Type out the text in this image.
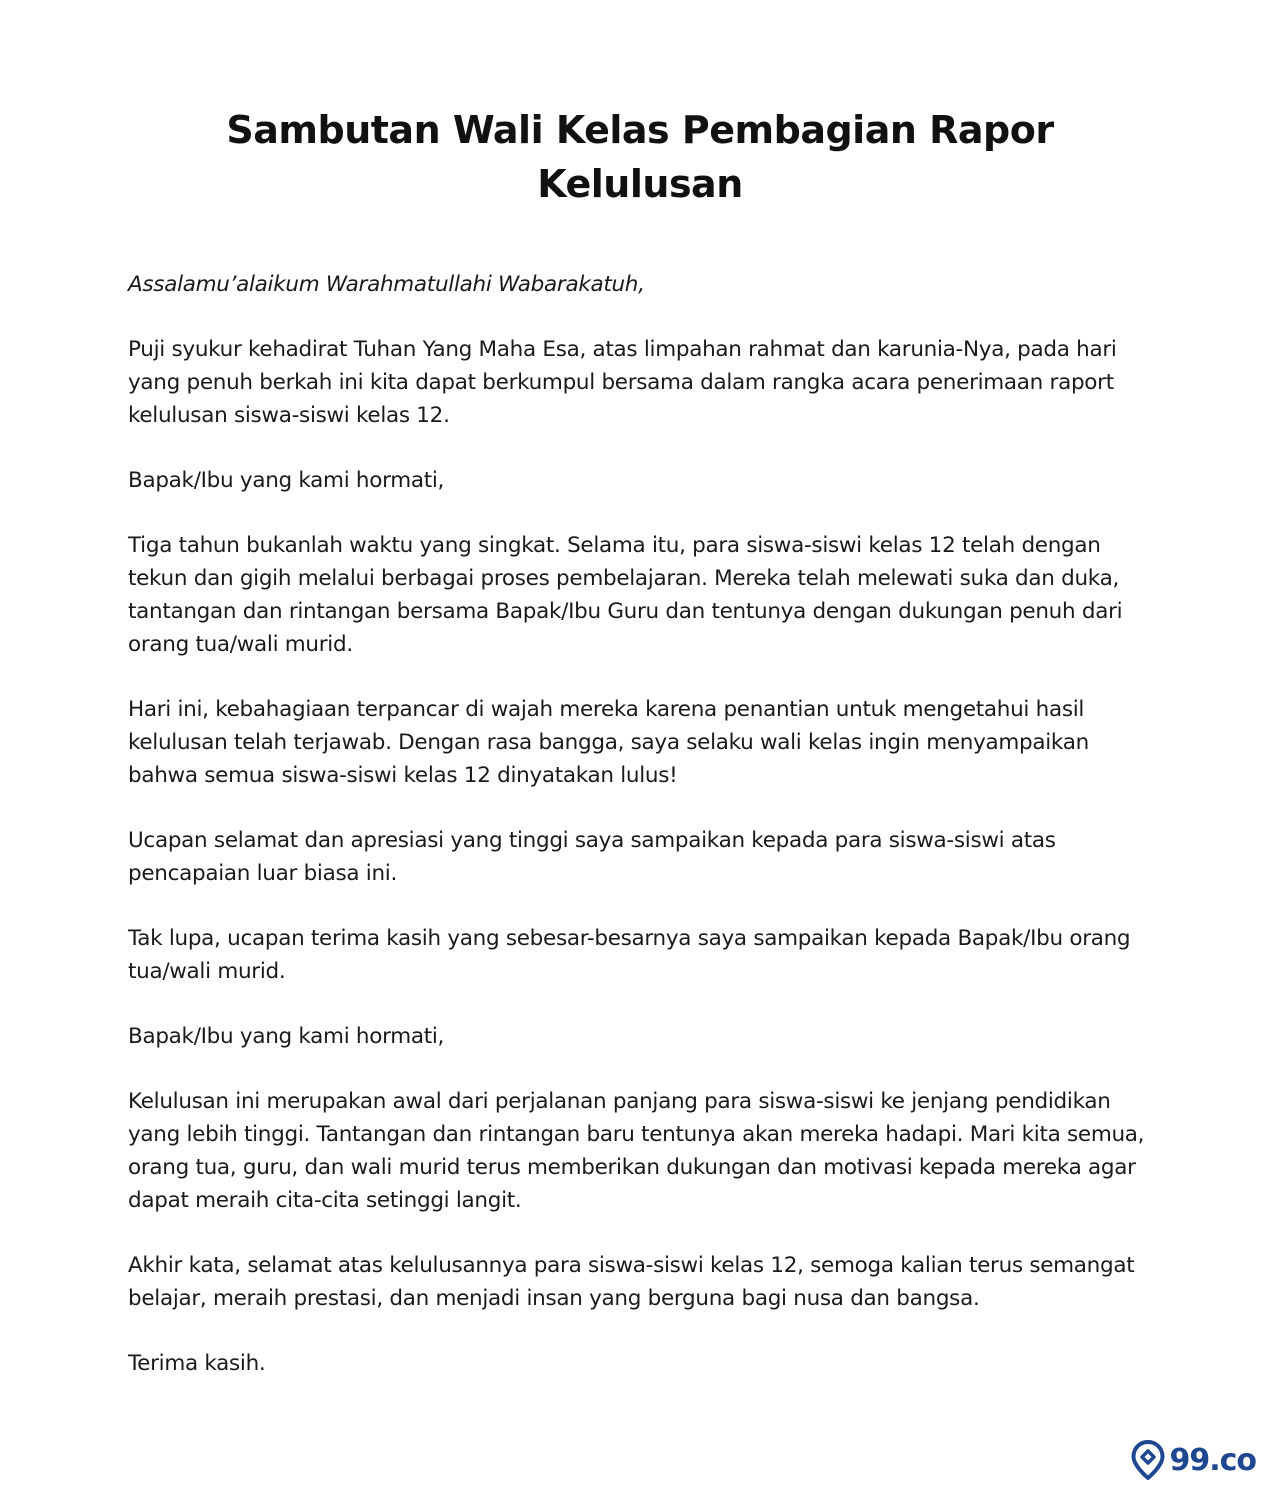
Sambutan Wali Kelas Pembagian Rapor Kelulusan

Assalamu’alaikum Warahmatullahi Wabarakatuh,

Puji syukur kehadirat Tuhan Yang Maha Esa, atas limpahan rahmat dan karunia-Nya, pada hari yang penuh berkah ini kita dapat berkumpul bersama dalam rangka acara penerimaan raport kelulusan siswa-siswi kelas 12.

Bapak/Ibu yang kami hormati,

Tiga tahun bukanlah waktu yang singkat. Selama itu, para siswa-siswi kelas 12 telah dengan tekun dan gigih melalui berbagai proses pembelajaran. Mereka telah melewati suka dan duka, tantangan dan rintangan bersama Bapak/Ibu Guru dan tentunya dengan dukungan penuh dari orang tua/wali murid.

Hari ini, kebahagiaan terpancar di wajah mereka karena penantian untuk mengetahui hasil kelulusan telah terjawab. Dengan rasa bangga, saya selaku wali kelas ingin menyampaikan bahwa semua siswa-siswi kelas 12 dinyatakan lulus!

Ucapan selamat dan apresiasi yang tinggi saya sampaikan kepada para siswa-siswi atas pencapaian luar biasa ini.

Tak lupa, ucapan terima kasih yang sebesar-besarnya saya sampaikan kepada Bapak/Ibu orang tua/wali murid.

Bapak/Ibu yang kami hormati,

Kelulusan ini merupakan awal dari perjalanan panjang para siswa-siswi ke jenjang pendidikan yang lebih tinggi. Tantangan dan rintangan baru tentunya akan mereka hadapi. Mari kita semua, orang tua, guru, dan wali murid terus memberikan dukungan dan motivasi kepada mereka agar dapat meraih cita-cita setinggi langit.

Akhir kata, selamat atas kelulusannya para siswa-siswi kelas 12, semoga kalian terus semangat belajar, meraih prestasi, dan menjadi insan yang berguna bagi nusa dan bangsa.

Terima kasih.

99.co
